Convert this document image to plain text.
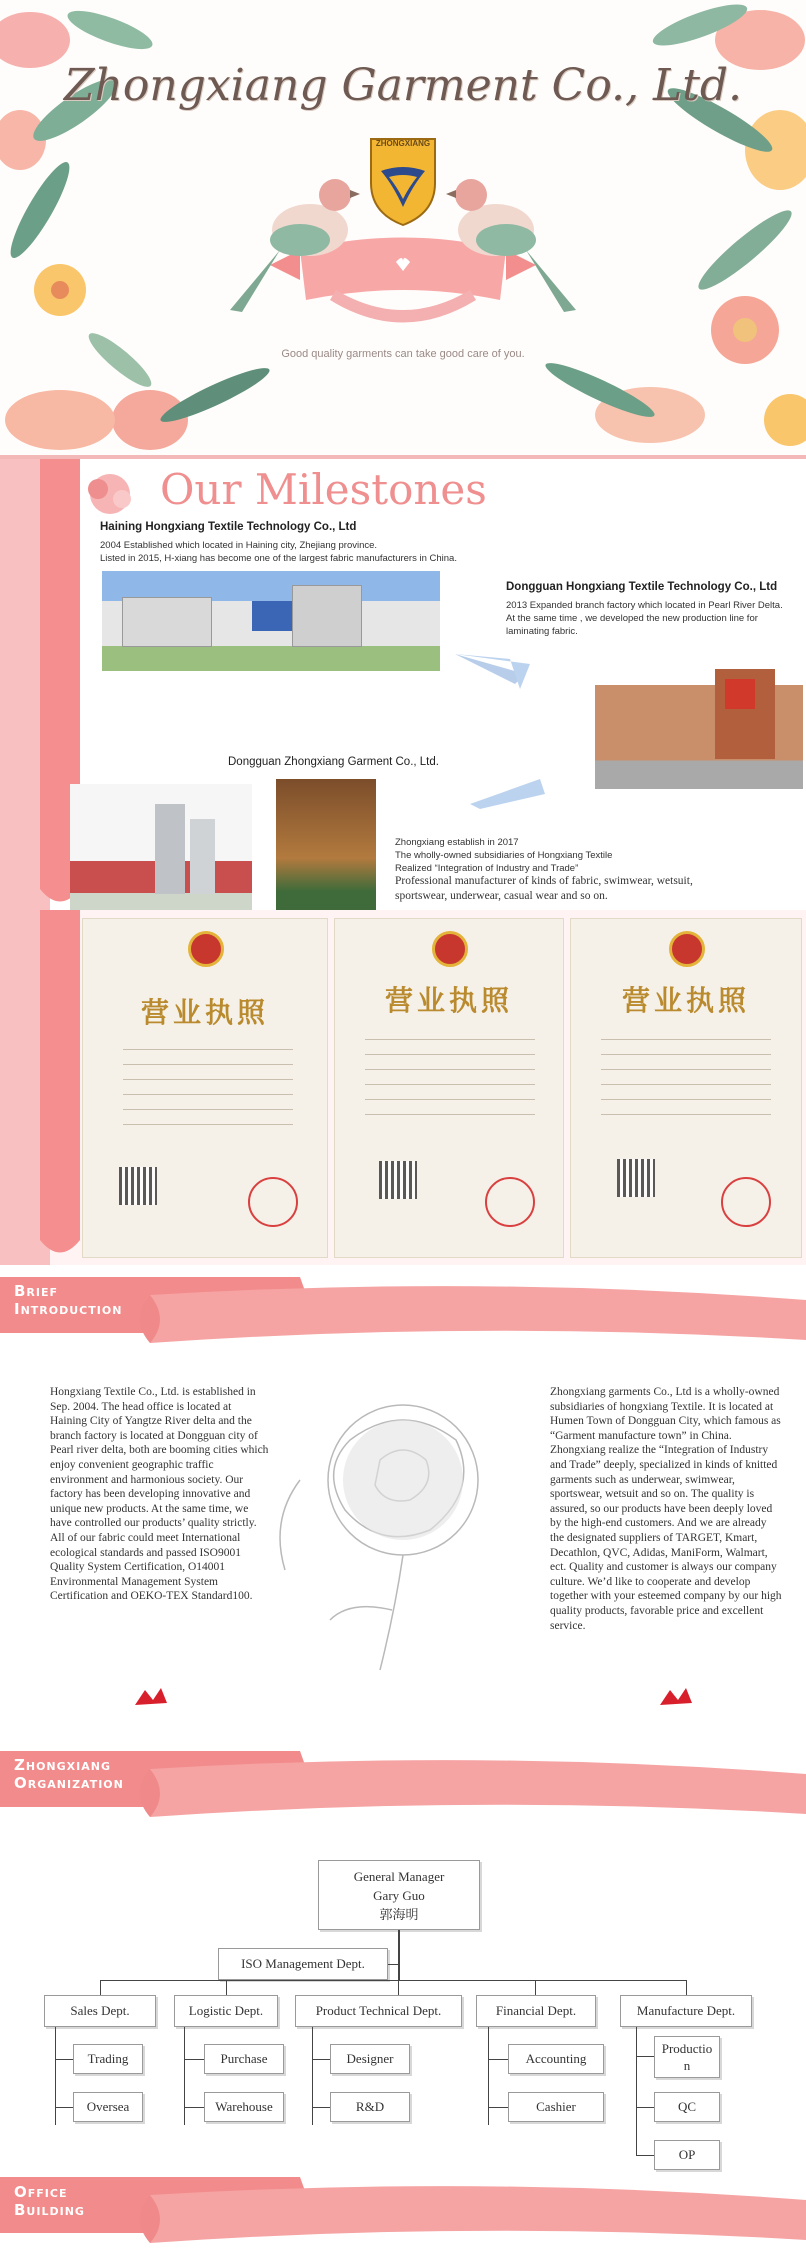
ZHONGXIANG
Zhongxiang Garment Co., Ltd.
Good quality garments can take good care of you.
Our Milestones
Haining Hongxiang Textile Technology Co., Ltd
2004 Established which located in Haining city, Zhejiang province.
Listed in 2015, H-xiang has become one of the largest fabric manufacturers in China.
Dongguan Hongxiang Textile Technology Co., Ltd
2013 Expanded branch factory which located in Pearl River Delta.
At the same time , we developed the new production line for
laminating fabric.
Dongguan Zhongxiang Garment Co., Ltd.
Zhongxiang establish in 2017
The wholly-owned subsidiaries of Hongxiang Textile
Realized “Integration of Industry and Trade”
Professional manufacturer of kinds of fabric, swimwear, wetsuit,
sportswear, underwear, casual wear and so on.
营业执照	营业执照	营业执照
Brief
Introduction

Hongxiang Textile Co., Ltd. is established in Sep. 2004. The head office is located at Haining City of Yangtze River delta and the branch factory is located at Dongguan city of Pearl river delta, both are booming cities which enjoy convenient geographic traffic environment and harmonious society. Our factory has been developing innovative and unique new products. At the same time, we have controlled our products’ quality strictly. All of our fabric could meet International ecological standards and passed ISO9001 Quality System Certification, O14001 Environmental Management System Certification and OEKO-TEX Standard100.

Zhongxiang garments Co., Ltd is a wholly-owned subsidiaries of hongxiang Textile. It is located at Humen Town of Dongguan City, which famous as “Garment manufacture town” in China. Zhongxiang realize the “Integration of Industry and Trade” deeply, specialized in kinds of knitted garments such as underwear, swimwear, sportswear, wetsuit and so on. The quality is assured, so our products have been deeply loved by the high-end customers. And we are already the designated suppliers of TARGET, Kmart, Decathlon, QVC, Adidas, ManiForm, Walmart, ect. Quality and customer is always our company culture. We’d like to cooperate and develop together with your esteemed company by our high quality products, favorable price and excellent service.

Zhongxiang
Organization
General Manager
Gary Guo
郭海明
ISO Management Dept.
Sales Dept.	Logistic Dept.	Product Technical Dept.	Financial Dept.	Manufacture Dept.
Trading
Oversea
Purchase
Warehouse
Designer
R&D
Accounting
Cashier
Productio
n
QC
OP
Office
Building
